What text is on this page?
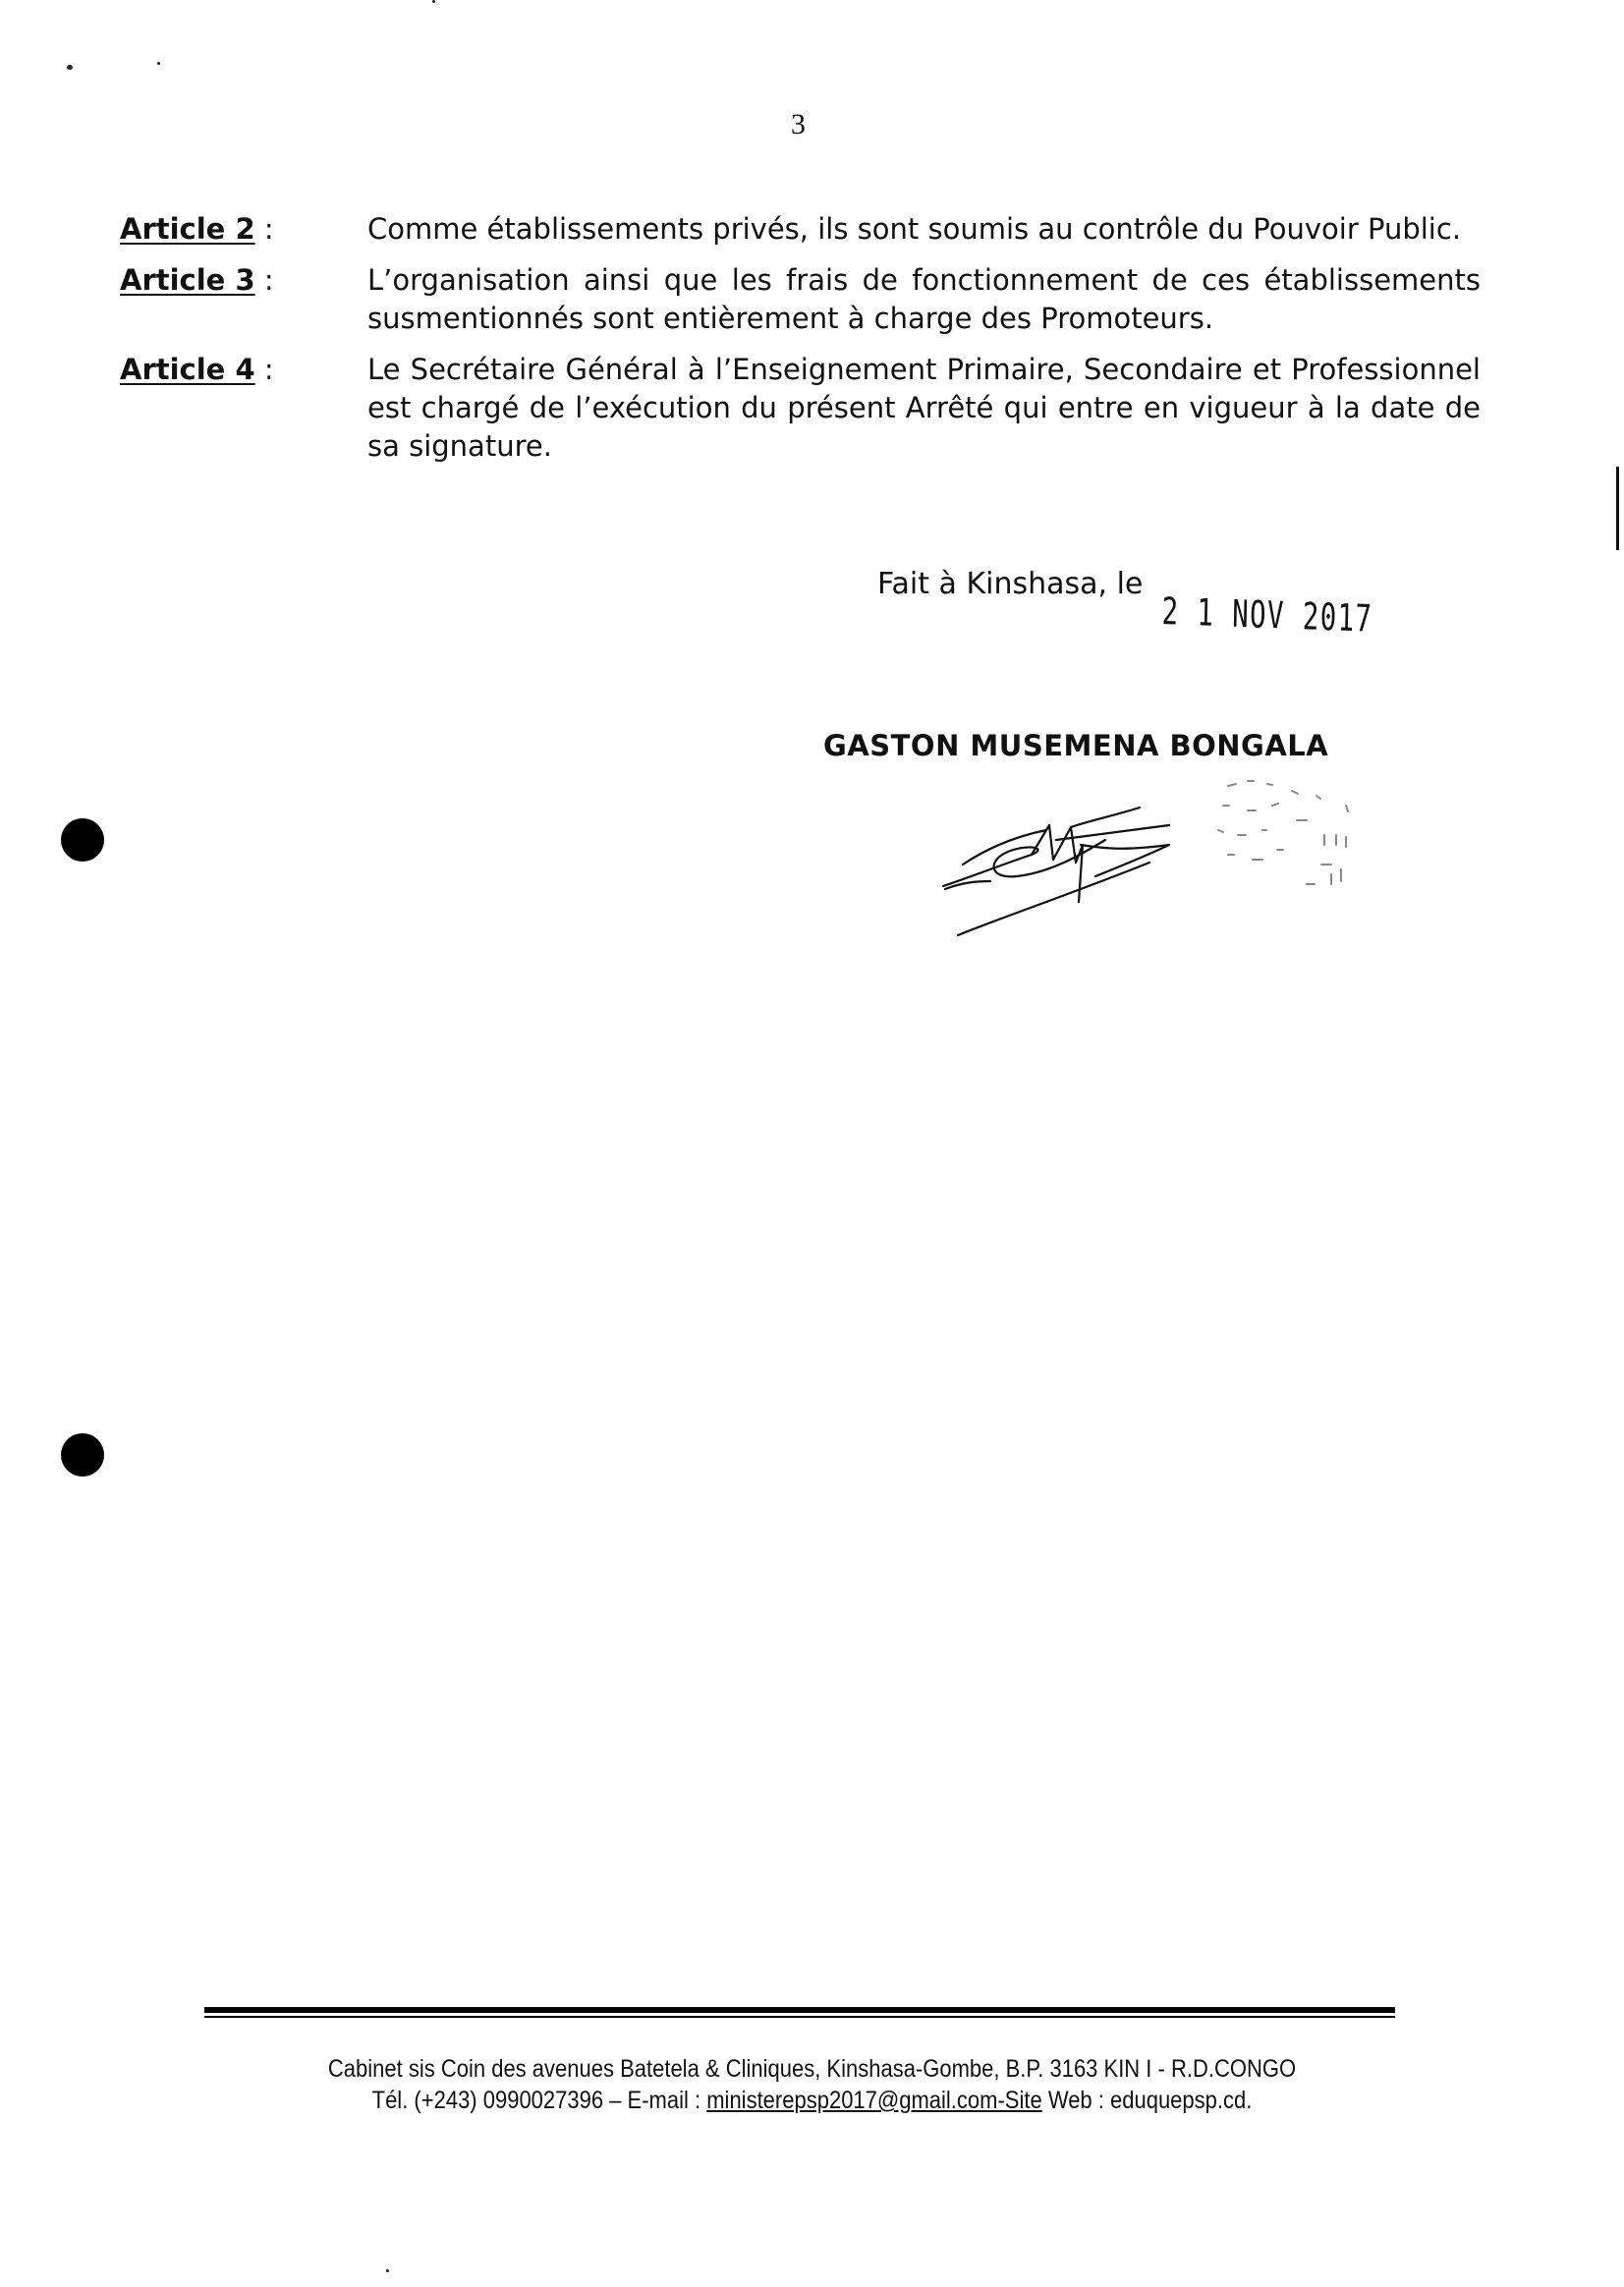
3
Article 2 :	Comme établissements privés, ils sont soumis au contrôle du Pouvoir Public.
Article 3 :	L’organisation ainsi que les frais de fonctionnement de ces établissements susmentionnés sont entièrement à charge des Promoteurs.
Article 4 :	Le Secrétaire Général à l’Enseignement Primaire, Secondaire et Professionnel est chargé de l’exécution du présent Arrêté qui entre en vigueur à la date de sa signature.
Fait à Kinshasa, le
2 1 NOV 2017
GASTON MUSEMENA BONGALA
Cabinet sis Coin des avenues Batetela & Cliniques, Kinshasa-Gombe, B.P. 3163 KIN I - R.D.CONGO
Tél. (+243) 0990027396 – E-mail : ministerepsp2017@gmail.com-Site Web : eduquepsp.cd.
